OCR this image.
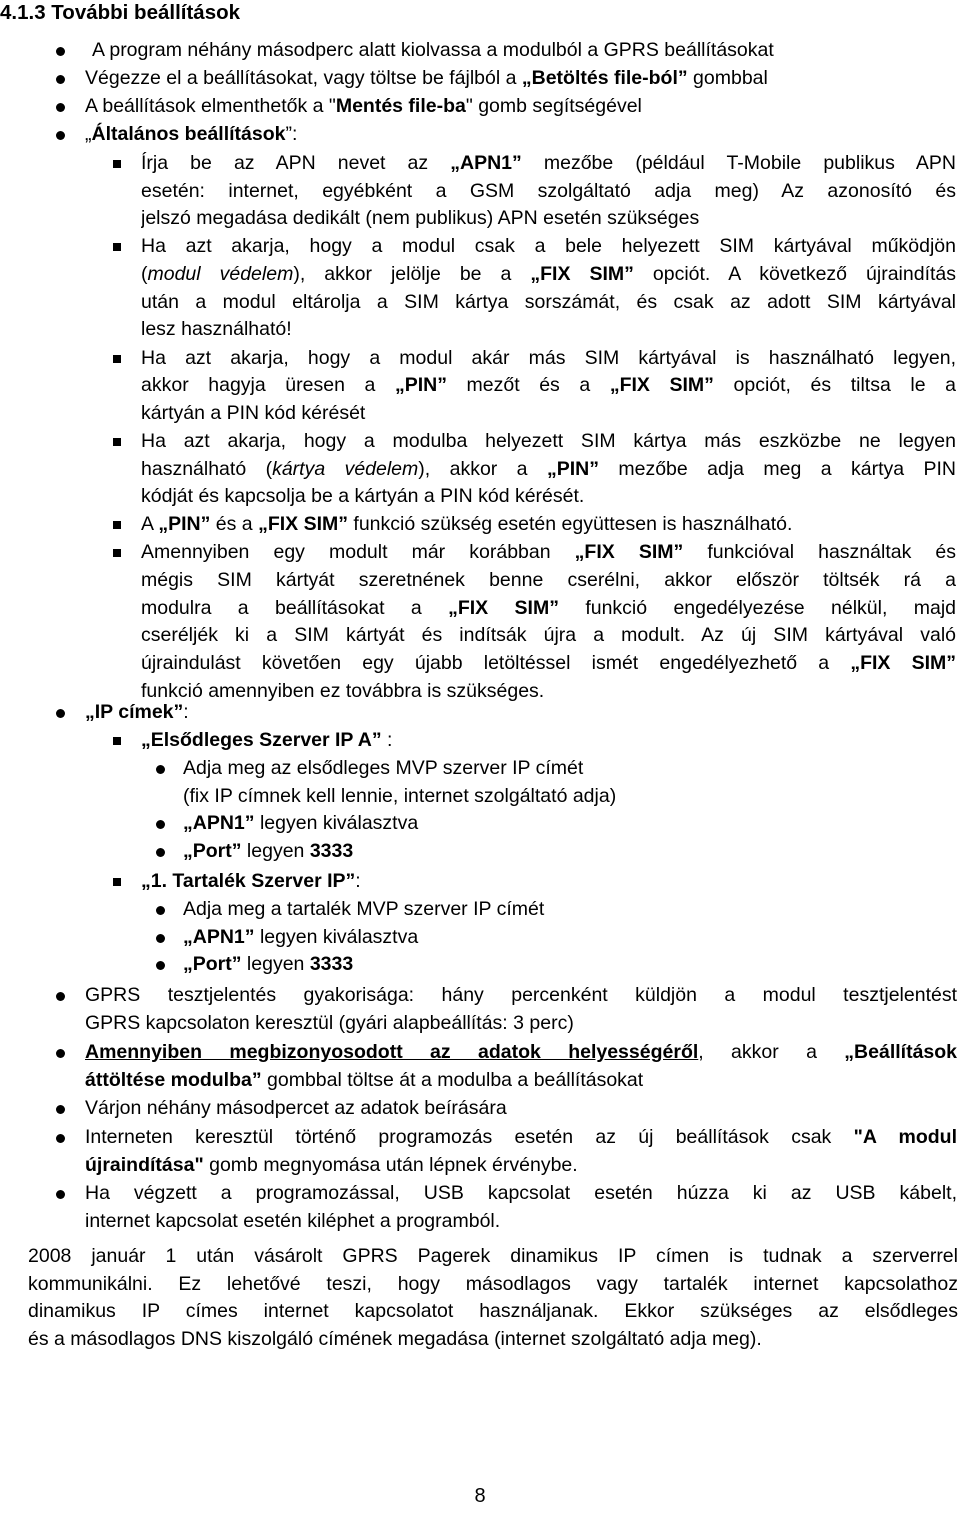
4.1.3 További beállítások
A program néhány másodperc alatt kiolvassa a modulból a GPRS beállításokat
Végezze el a beállításokat, vagy töltse be fájlból a „Betöltés file-ból” gombbal
A beállítások elmenthetők a "Mentés file-ba" gomb segítségével
„Általános beállítások”:
Írja be az APN nevet az „APN1” mezőbe (például T-Mobile publikus APN
esetén: internet, egyébként a GSM szolgáltató adja meg) Az azonosító és
jelszó megadása dedikált (nem publikus) APN esetén szükséges
Ha azt akarja, hogy a modul csak a bele helyezett SIM kártyával működjön
(modul védelem), akkor jelölje be a „FIX SIM” opciót. A következő újraindítás
után a modul eltárolja a SIM kártya sorszámát, és csak az adott SIM kártyával
lesz használható!
Ha azt akarja, hogy a modul akár más SIM kártyával is használható legyen,
akkor hagyja üresen a „PIN” mezőt és a „FIX SIM” opciót, és tiltsa le a
kártyán a PIN kód kérését
Ha azt akarja, hogy a modulba helyezett SIM kártya más eszközbe ne legyen
használható (kártya védelem), akkor a „PIN” mezőbe adja meg a kártya PIN
kódját és kapcsolja be a kártyán a PIN kód kérését.
A „PIN” és a „FIX SIM” funkció szükség esetén együttesen is használható.
Amennyiben egy modult már korábban „FIX SIM” funkcióval használtak és
mégis SIM kártyát szeretnének benne cserélni, akkor először töltsék rá a
modulra a beállításokat a „FIX SIM” funkció engedélyezése nélkül, majd
cseréljék ki a SIM kártyát és indítsák újra a modult. Az új SIM kártyával való
újraindulást követően egy újabb letöltéssel ismét engedélyezhető a „FIX SIM”
funkció amennyiben ez továbbra is szükséges.
„IP címek”:
„Elsődleges Szerver IP A” :
Adja meg az elsődleges MVP szerver IP címét
(fix IP címnek kell lennie, internet szolgáltató adja)
„APN1” legyen kiválasztva
„Port” legyen 3333
„1. Tartalék Szerver IP”:
Adja meg a tartalék MVP szerver IP címét
„APN1” legyen kiválasztva
„Port” legyen 3333
GPRS tesztjelentés gyakorisága: hány percenként küldjön a modul tesztjelentést
GPRS kapcsolaton keresztül (gyári alapbeállítás: 3 perc)
Amennyiben megbizonyosodott az adatok helyességéről, akkor a „Beállítások
áttöltése modulba” gombbal töltse át a modulba a beállításokat
Várjon néhány másodpercet az adatok beírására
Interneten keresztül történő programozás esetén az új beállítások csak "A modul
újraindítása" gomb megnyomása után lépnek érvénybe.
Ha végzett a programozással, USB kapcsolat esetén húzza ki az USB kábelt,
internet kapcsolat esetén kiléphet a programból.
2008 január 1 után vásárolt GPRS Pagerek dinamikus IP címen is tudnak a szerverrel
kommunikálni. Ez lehetővé teszi, hogy másodlagos vagy tartalék internet kapcsolathoz
dinamikus IP címes internet kapcsolatot használjanak. Ekkor szükséges az elsődleges
és a másodlagos DNS kiszolgáló címének megadása (internet szolgáltató adja meg).
8
